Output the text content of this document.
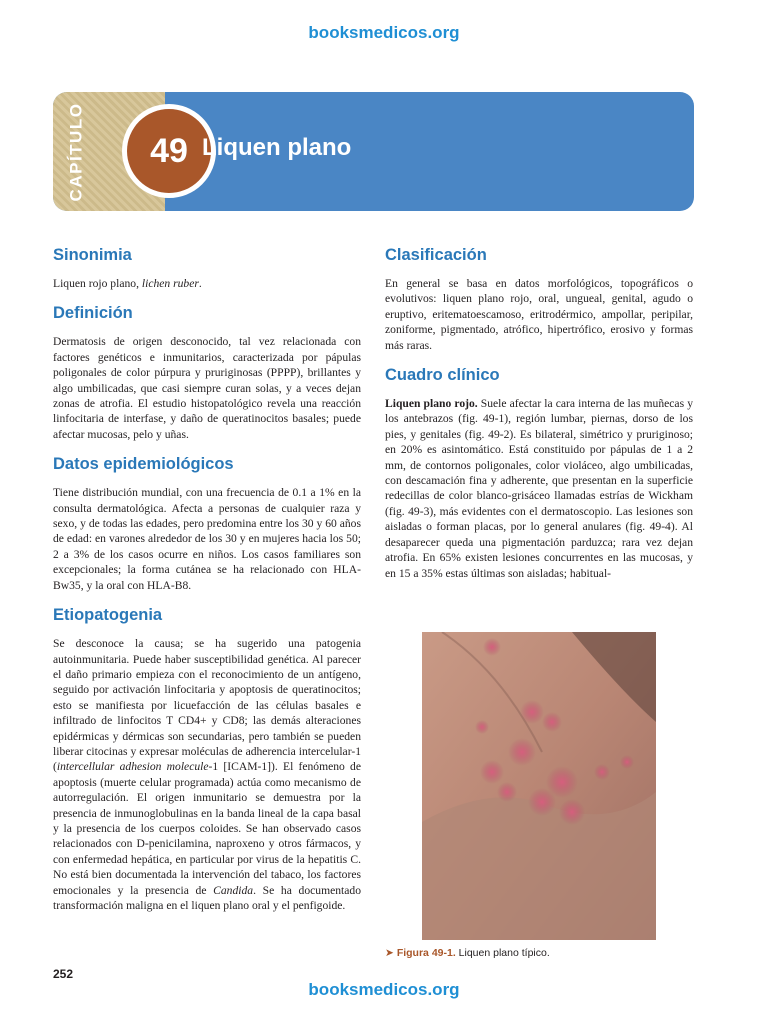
booksmedicos.org
CAPÍTULO 49 Liquen plano
Sinonimia

Liquen rojo plano, lichen ruber.

Definición

Dermatosis de origen desconocido, tal vez relacionada con factores genéticos e inmunitarios, caracterizada por pápulas poligonales de color púrpura y pruriginosas (PPPP), brillantes y algo umbilicadas, que casi siempre curan solas, y a veces dejan zonas de atrofia. El estudio histopatológico revela una reacción linfocitaria de interfase, y daño de queratinocitos basales; puede afectar mucosas, pelo y uñas.

Datos epidemiológicos

Tiene distribución mundial, con una frecuencia de 0.1 a 1% en la consulta dermatológica. Afecta a personas de cualquier raza y sexo, y de todas las edades, pero predomina entre los 30 y 60 años de edad: en varones alrededor de los 30 y en mujeres hacia los 50; 2 a 3% de los casos ocurre en niños. Los casos familiares son excepcionales; la forma cutánea se ha relacionado con HLA-Bw35, y la oral con HLA-B8.

Etiopatogenia

Se desconoce la causa; se ha sugerido una patogenia autoinmunitaria. Puede haber susceptibilidad genética. Al parecer el daño primario empieza con el reconocimiento de un antígeno, seguido por activación linfocitaria y apoptosis de queratinocitos; esto se manifiesta por licuefacción de las células basales e infiltrado de linfocitos T CD4+ y CD8; las demás alteraciones epidérmicas y dérmicas son secundarias, pero también se pueden liberar citocinas y expresar moléculas de adherencia intercelular-1 (intercellular adhesion molecule-1 [ICAM-1]). El fenómeno de apoptosis (muerte celular programada) actúa como mecanismo de autorregulación. El origen inmunitario se demuestra por la presencia de inmunoglobulinas en la banda lineal de la capa basal y la presencia de los cuerpos coloides. Se han observado casos relacionados con D-penicilamina, naproxeno y otros fármacos, y con enfermedad hepática, en particular por virus de la hepatitis C. No está bien documentada la intervención del tabaco, los factores emocionales y la presencia de Candida. Se ha documentado transformación maligna en el liquen plano oral y el penfigoide.

Clasificación

En general se basa en datos morfológicos, topográficos o evolutivos: liquen plano rojo, oral, ungueal, genital, agudo o eruptivo, eritematoescamoso, eritrodérmico, ampollar, peripilar, zoniforme, pigmentado, atrófico, hipertrófico, erosivo y formas más raras.

Cuadro clínico

Liquen plano rojo. Suele afectar la cara interna de las muñecas y los antebrazos (fig. 49-1), región lumbar, piernas, dorso de los pies, y genitales (fig. 49-2). Es bilateral, simétrico y pruriginoso; en 20% es asintomático. Está constituido por pápulas de 1 a 2 mm, de contornos poligonales, color violáceo, algo umbilicadas, con descamación fina y adherente, que presentan en la superficie redecillas de color blanco-grisáceo llamadas estrías de Wickham (fig. 49-3), más evidentes con el dermatoscopio. Las lesiones son aisladas o forman placas, por lo general anulares (fig. 49-4). Al desaparecer queda una pigmentación parduzca; rara vez dejan atrofia. En 65% existen lesiones concurrentes en las mucosas, y en 15 a 35% estas últimas son aisladas; habitual-

➤ Figura 49-1. Liquen plano típico.
252
booksmedicos.org
